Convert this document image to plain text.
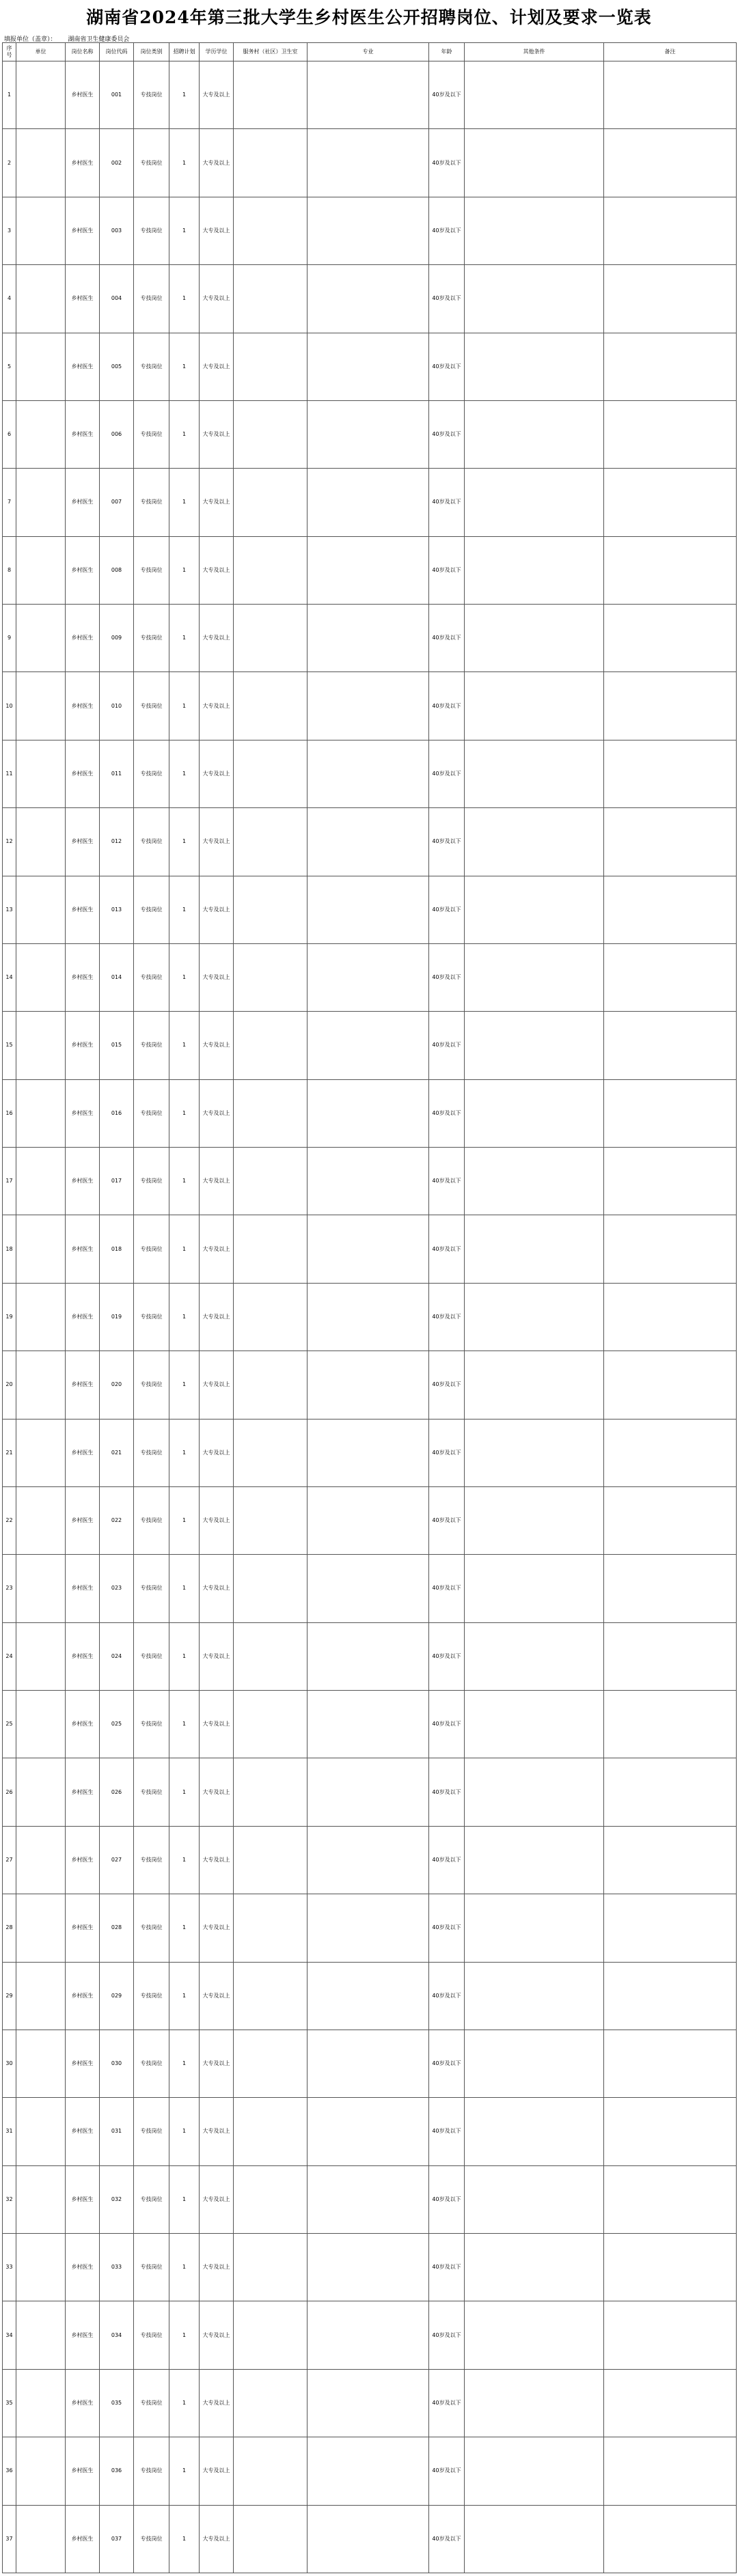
湖南省2024年第三批大学生乡村医生公开招聘岗位、计划及要求一览表
填报单位（盖章）： 湖南省卫生健康委员会
序号	单位	岗位名称	岗位代码	岗位类别	招聘计划	学历学位	服务村（社区）卫生室	专业	年龄	其他条件	备注
1		乡村医生	001	专技岗位	1	大专及以上			40岁及以下		
2		乡村医生	002	专技岗位	1	大专及以上			40岁及以下		
3		乡村医生	003	专技岗位	1	大专及以上			40岁及以下		
4		乡村医生	004	专技岗位	1	大专及以上			40岁及以下		
5		乡村医生	005	专技岗位	1	大专及以上			40岁及以下		
6		乡村医生	006	专技岗位	1	大专及以上			40岁及以下		
7		乡村医生	007	专技岗位	1	大专及以上			40岁及以下		
8		乡村医生	008	专技岗位	1	大专及以上			40岁及以下		
9		乡村医生	009	专技岗位	1	大专及以上			40岁及以下		
10		乡村医生	010	专技岗位	1	大专及以上			40岁及以下		
11		乡村医生	011	专技岗位	1	大专及以上			40岁及以下		
12		乡村医生	012	专技岗位	1	大专及以上			40岁及以下		
13		乡村医生	013	专技岗位	1	大专及以上			40岁及以下		
14		乡村医生	014	专技岗位	1	大专及以上			40岁及以下		
15		乡村医生	015	专技岗位	1	大专及以上			40岁及以下		
16		乡村医生	016	专技岗位	1	大专及以上			40岁及以下		
17		乡村医生	017	专技岗位	1	大专及以上			40岁及以下		
18		乡村医生	018	专技岗位	1	大专及以上			40岁及以下		
19		乡村医生	019	专技岗位	1	大专及以上			40岁及以下		
20		乡村医生	020	专技岗位	1	大专及以上			40岁及以下		
21		乡村医生	021	专技岗位	1	大专及以上			40岁及以下		
22		乡村医生	022	专技岗位	1	大专及以上			40岁及以下		
23		乡村医生	023	专技岗位	1	大专及以上			40岁及以下		
24		乡村医生	024	专技岗位	1	大专及以上			40岁及以下		
25		乡村医生	025	专技岗位	1	大专及以上			40岁及以下		
26		乡村医生	026	专技岗位	1	大专及以上			40岁及以下		
27		乡村医生	027	专技岗位	1	大专及以上			40岁及以下		
28		乡村医生	028	专技岗位	1	大专及以上			40岁及以下		
29		乡村医生	029	专技岗位	1	大专及以上			40岁及以下		
30		乡村医生	030	专技岗位	1	大专及以上			40岁及以下		
31		乡村医生	031	专技岗位	1	大专及以上			40岁及以下		
32		乡村医生	032	专技岗位	1	大专及以上			40岁及以下		
33		乡村医生	033	专技岗位	1	大专及以上			40岁及以下		
34		乡村医生	034	专技岗位	1	大专及以上			40岁及以下		
35		乡村医生	035	专技岗位	1	大专及以上			40岁及以下		
36		乡村医生	036	专技岗位	1	大专及以上			40岁及以下		
37		乡村医生	037	专技岗位	1	大专及以上			40岁及以下		
